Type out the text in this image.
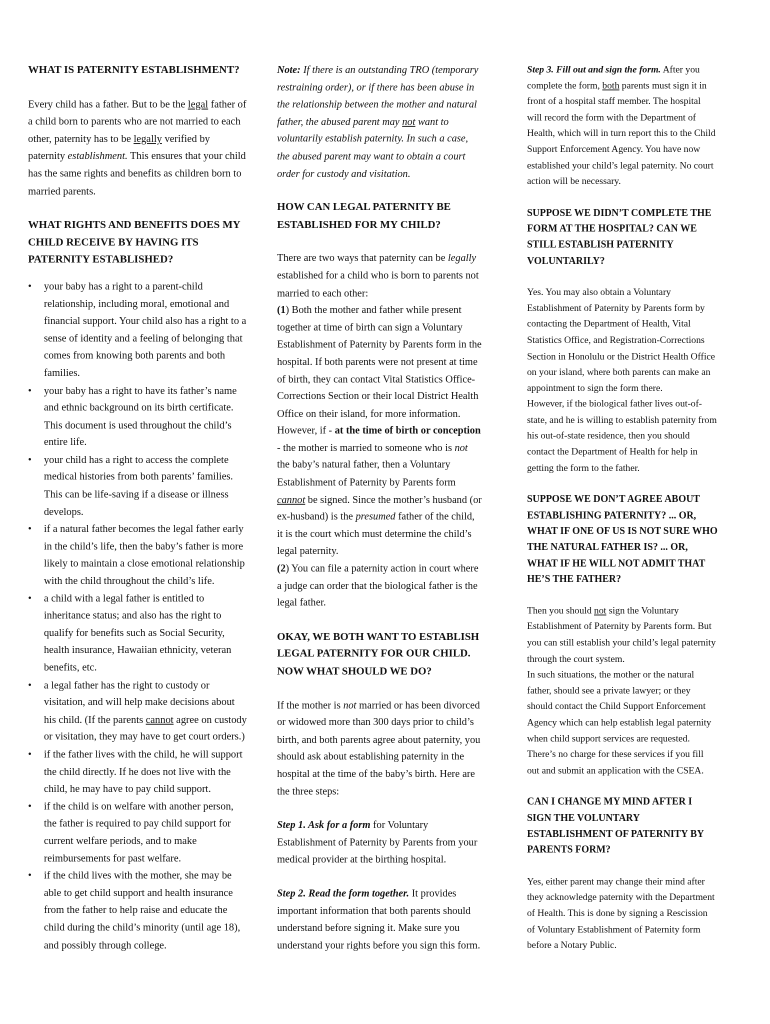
WHAT IS PATERNITY ESTABLISHMENT?

Every child has a father. But to be the legal father of a child born to parents who are not married to each other, paternity has to be legally verified by paternity establishment. This ensures that your child has the same rights and benefits as children born to married parents.

WHAT RIGHTS AND BENEFITS DOES MY CHILD RECEIVE BY HAVING ITS PATERNITY ESTABLISHED?
• your baby has a right to a parent-child relationship, including moral, emotional and financial support. Your child also has a right to a sense of identity and a feeling of belonging that comes from knowing both parents and both families.
• your baby has a right to have its father’s name and ethnic background on its birth certificate. This document is used throughout the child’s entire life.
• your child has a right to access the complete medical histories from both parents’ families. This can be life-saving if a disease or illness develops.
• if a natural father becomes the legal father early in the child’s life, then the baby’s father is more likely to maintain a close emotional relationship with the child throughout the child’s life.
• a child with a legal father is entitled to inheritance status; and also has the right to qualify for benefits such as Social Security, health insurance, Hawaiian ethnicity, veteran benefits, etc.
• a legal father has the right to custody or visitation, and will help make decisions about his child. (If the parents cannot agree on custody or visitation, they may have to get court orders.)
• if the father lives with the child, he will support the child directly. If he does not live with the child, he may have to pay child support.
• if the child is on welfare with another person, the father is required to pay child support for current welfare periods, and to make reimbursements for past welfare.
• if the child lives with the mother, she may be able to get child support and health insurance from the father to help raise and educate the child during the child’s minority (until age 18), and possibly through college.

Note: If there is an outstanding TRO (temporary restraining order), or if there has been abuse in the relationship between the mother and natural father, the abused parent may not want to voluntarily establish paternity. In such a case, the abused parent may want to obtain a court order for custody and visitation.

HOW CAN LEGAL PATERNITY BE ESTABLISHED FOR MY CHILD?

There are two ways that paternity can be legally established for a child who is born to parents not married to each other:

(1) Both the mother and father while present together at time of birth can sign a Voluntary Establishment of Paternity by Parents form in the hospital. If both parents were not present at time of birth, they can contact Vital Statistics Office-Corrections Section or their local District Health Office on their island, for more information. However, if - at the time of birth or conception - the mother is married to someone who is not the baby’s natural father, then a Voluntary Establishment of Paternity by Parents form cannot be signed. Since the mother’s husband (or ex-husband) is the presumed father of the child, it is the court which must determine the child’s legal paternity.

(2) You can file a paternity action in court where a judge can order that the biological father is the legal father.

OKAY, WE BOTH WANT TO ESTABLISH LEGAL PATERNITY FOR OUR CHILD. NOW WHAT SHOULD WE DO?

If the mother is not married or has been divorced or widowed more than 300 days prior to child’s birth, and both parents agree about paternity, you should ask about establishing paternity in the hospital at the time of the baby’s birth. Here are the three steps:

Step 1. Ask for a form for Voluntary Establishment of Paternity by Parents from your medical provider at the birthing hospital.

Step 2. Read the form together. It provides important information that both parents should understand before signing it. Make sure you understand your rights before you sign this form.

Step 3. Fill out and sign the form. After you complete the form, both parents must sign it in front of a hospital staff member. The hospital will record the form with the Department of Health, which will in turn report this to the Child Support Enforcement Agency. You have now established your child’s legal paternity. No court action will be necessary.

SUPPOSE WE DIDN’T COMPLETE THE FORM AT THE HOSPITAL? CAN WE STILL ESTABLISH PATERNITY VOLUNTARILY?

Yes. You may also obtain a Voluntary Establishment of Paternity by Parents form by contacting the Department of Health, Vital Statistics Office, and Registration-Corrections Section in Honolulu or the District Health Office on your island, where both parents can make an appointment to sign the form there.

However, if the biological father lives out-of-state, and he is willing to establish paternity from his out-of-state residence, then you should contact the Department of Health for help in getting the form to the father.

SUPPOSE WE DON’T AGREE ABOUT ESTABLISHING PATERNITY? ... OR, WHAT IF ONE OF US IS NOT SURE WHO THE NATURAL FATHER IS? ... OR, WHAT IF HE WILL NOT ADMIT THAT HE’S THE FATHER?

Then you should not sign the Voluntary Establishment of Paternity by Parents form. But you can still establish your child’s legal paternity through the court system.

In such situations, the mother or the natural father, should see a private lawyer; or they should contact the Child Support Enforcement Agency which can help establish legal paternity when child support services are requested. There’s no charge for these services if you fill out and submit an application with the CSEA.

CAN I CHANGE MY MIND AFTER I SIGN THE VOLUNTARY ESTABLISHMENT OF PATERNITY BY PARENTS FORM?

Yes, either parent may change their mind after they acknowledge paternity with the Department of Health. This is done by signing a Rescission of Voluntary Establishment of Paternity form before a Notary Public.
